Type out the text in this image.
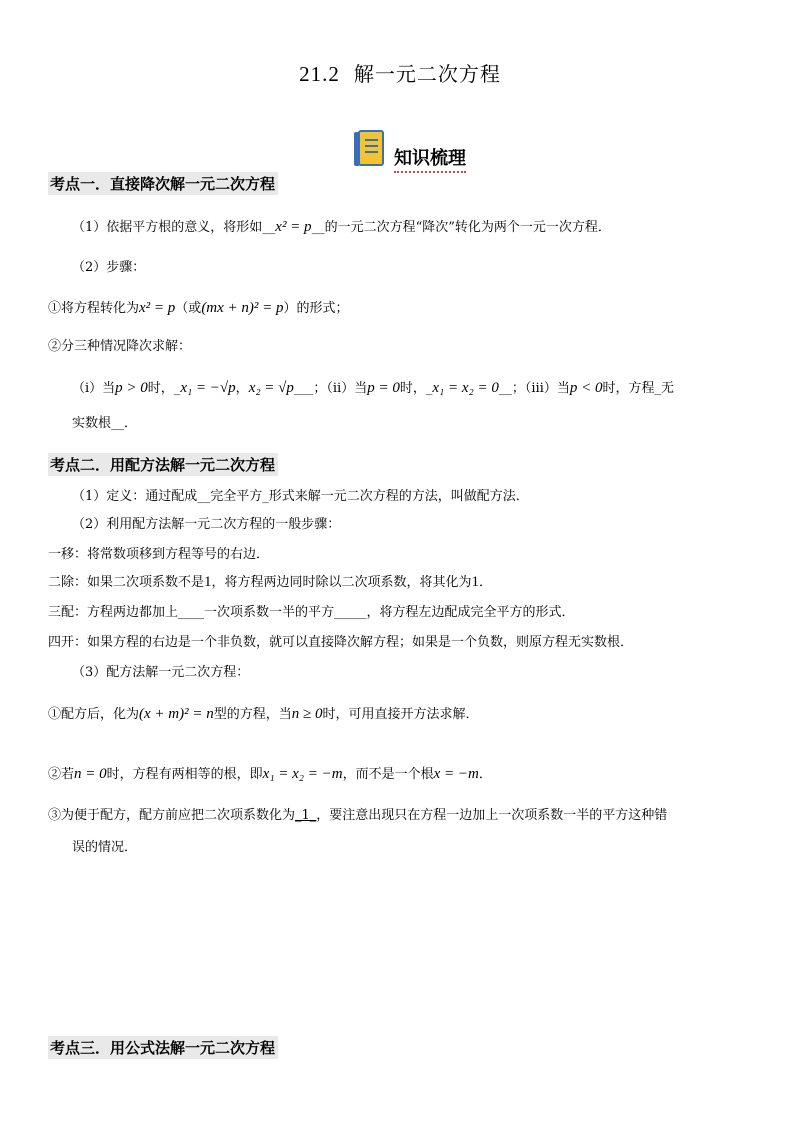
21.2 解一元二次方程
知识梳理
考点一．直接降次解一元二次方程
（1）依据平方根的意义，将形如__x² = p__的一元二次方程“降次”转化为两个一元一次方程．
（2）步骤：
①将方程转化为x² = p（或(mx + n)² = p）的形式；
②分三种情况降次求解：
（ⅰ）当p > 0时，_x₁ = −√p，x₂ = √p___；（ⅱ）当p = 0时，_x₁ = x₂ = 0__；（ⅲ）当p < 0时，方程_无
实数根__．
考点二．用配方法解一元二次方程
（1）定义：通过配成__完全平方_形式来解一元二次方程的方法，叫做配方法．
（2）利用配方法解一元二次方程的一般步骤：
一移：将常数项移到方程等号的右边．
二除：如果二次项系数不是1，将方程两边同时除以二次项系数，将其化为1．
三配：方程两边都加上____一次项系数一半的平方_____，将方程左边配成完全平方的形式．
四开：如果方程的右边是一个非负数，就可以直接降次解方程；如果是一个负数，则原方程无实数根．
（3）配方法解一元二次方程：
①配方后，化为(x + m)² = n型的方程，当n ≥ 0时，可用直接开方法求解．
②若n = 0时，方程有两相等的根，即x₁ = x₂ = −m，而不是一个根x = −m．
③为便于配方，配方前应把二次项系数化为_1_，要注意出现只在方程一边加上一次项系数一半的平方这种错
误的情况．
考点三．用公式法解一元二次方程
